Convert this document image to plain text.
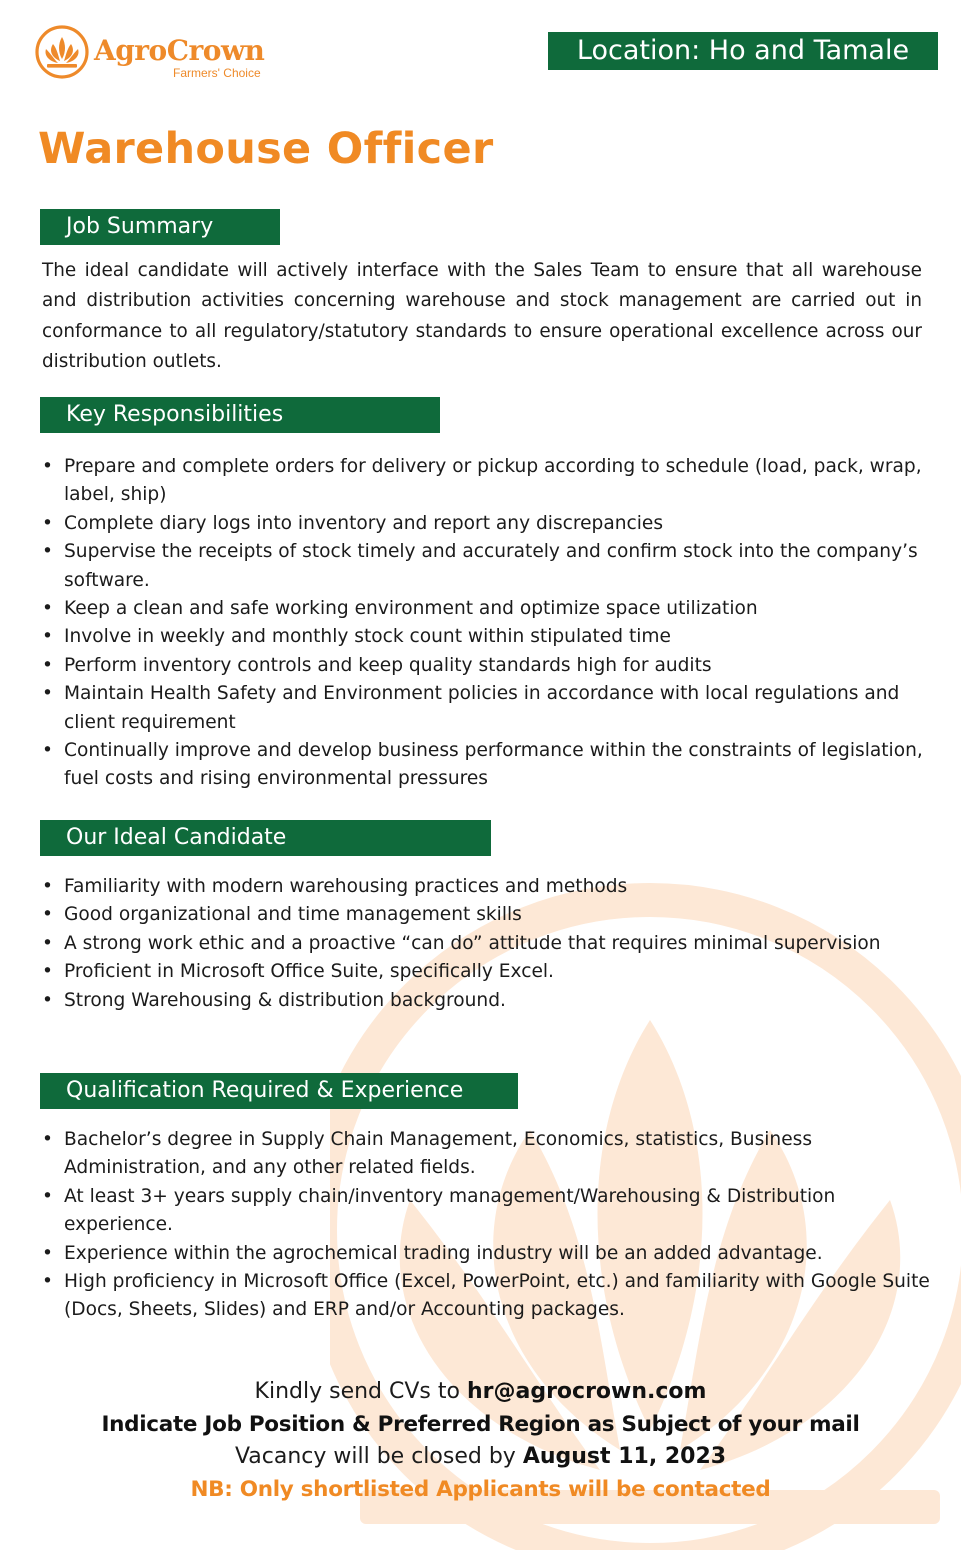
AgroCrown
Farmers' Choice
Location: Ho and Tamale
Warehouse Officer
Job Summary

The ideal candidate will actively interface with the Sales Team to ensure that all warehouse and distribution activities concerning warehouse and stock management are carried out in conformance to all regulatory/statutory standards to ensure operational excellence across our distribution outlets.

Key Responsibilities
• Prepare and complete orders for delivery or pickup according to schedule (load, pack, wrap, label, ship)
• Complete diary logs into inventory and report any discrepancies
• Supervise the receipts of stock timely and accurately and confirm stock into the company’s software.
• Keep a clean and safe working environment and optimize space utilization
• Involve in weekly and monthly stock count within stipulated time
• Perform inventory controls and keep quality standards high for audits
• Maintain Health Safety and Environment policies in accordance with local regulations and client requirement
• Continually improve and develop business performance within the constraints of legislation, fuel costs and rising environmental pressures
Our Ideal Candidate
• Familiarity with modern warehousing practices and methods
• Good organizational and time management skills
• A strong work ethic and a proactive “can do” attitude that requires minimal supervision
• Proficient in Microsoft Office Suite, specifically Excel.
• Strong Warehousing & distribution background.
Qualification Required & Experience
• Bachelor’s degree in Supply Chain Management, Economics, statistics, Business Administration, and any other related fields.
• At least 3+ years supply chain/inventory management/Warehousing & Distribution experience.
• Experience within the agrochemical trading industry will be an added advantage.
• High proficiency in Microsoft Office (Excel, PowerPoint, etc.) and familiarity with Google Suite (Docs, Sheets, Slides) and ERP and/or Accounting packages.
Kindly send CVs to hr@agrocrown.com
Indicate Job Position & Preferred Region as Subject of your mail
Vacancy will be closed by August 11, 2023
NB: Only shortlisted Applicants will be contacted
